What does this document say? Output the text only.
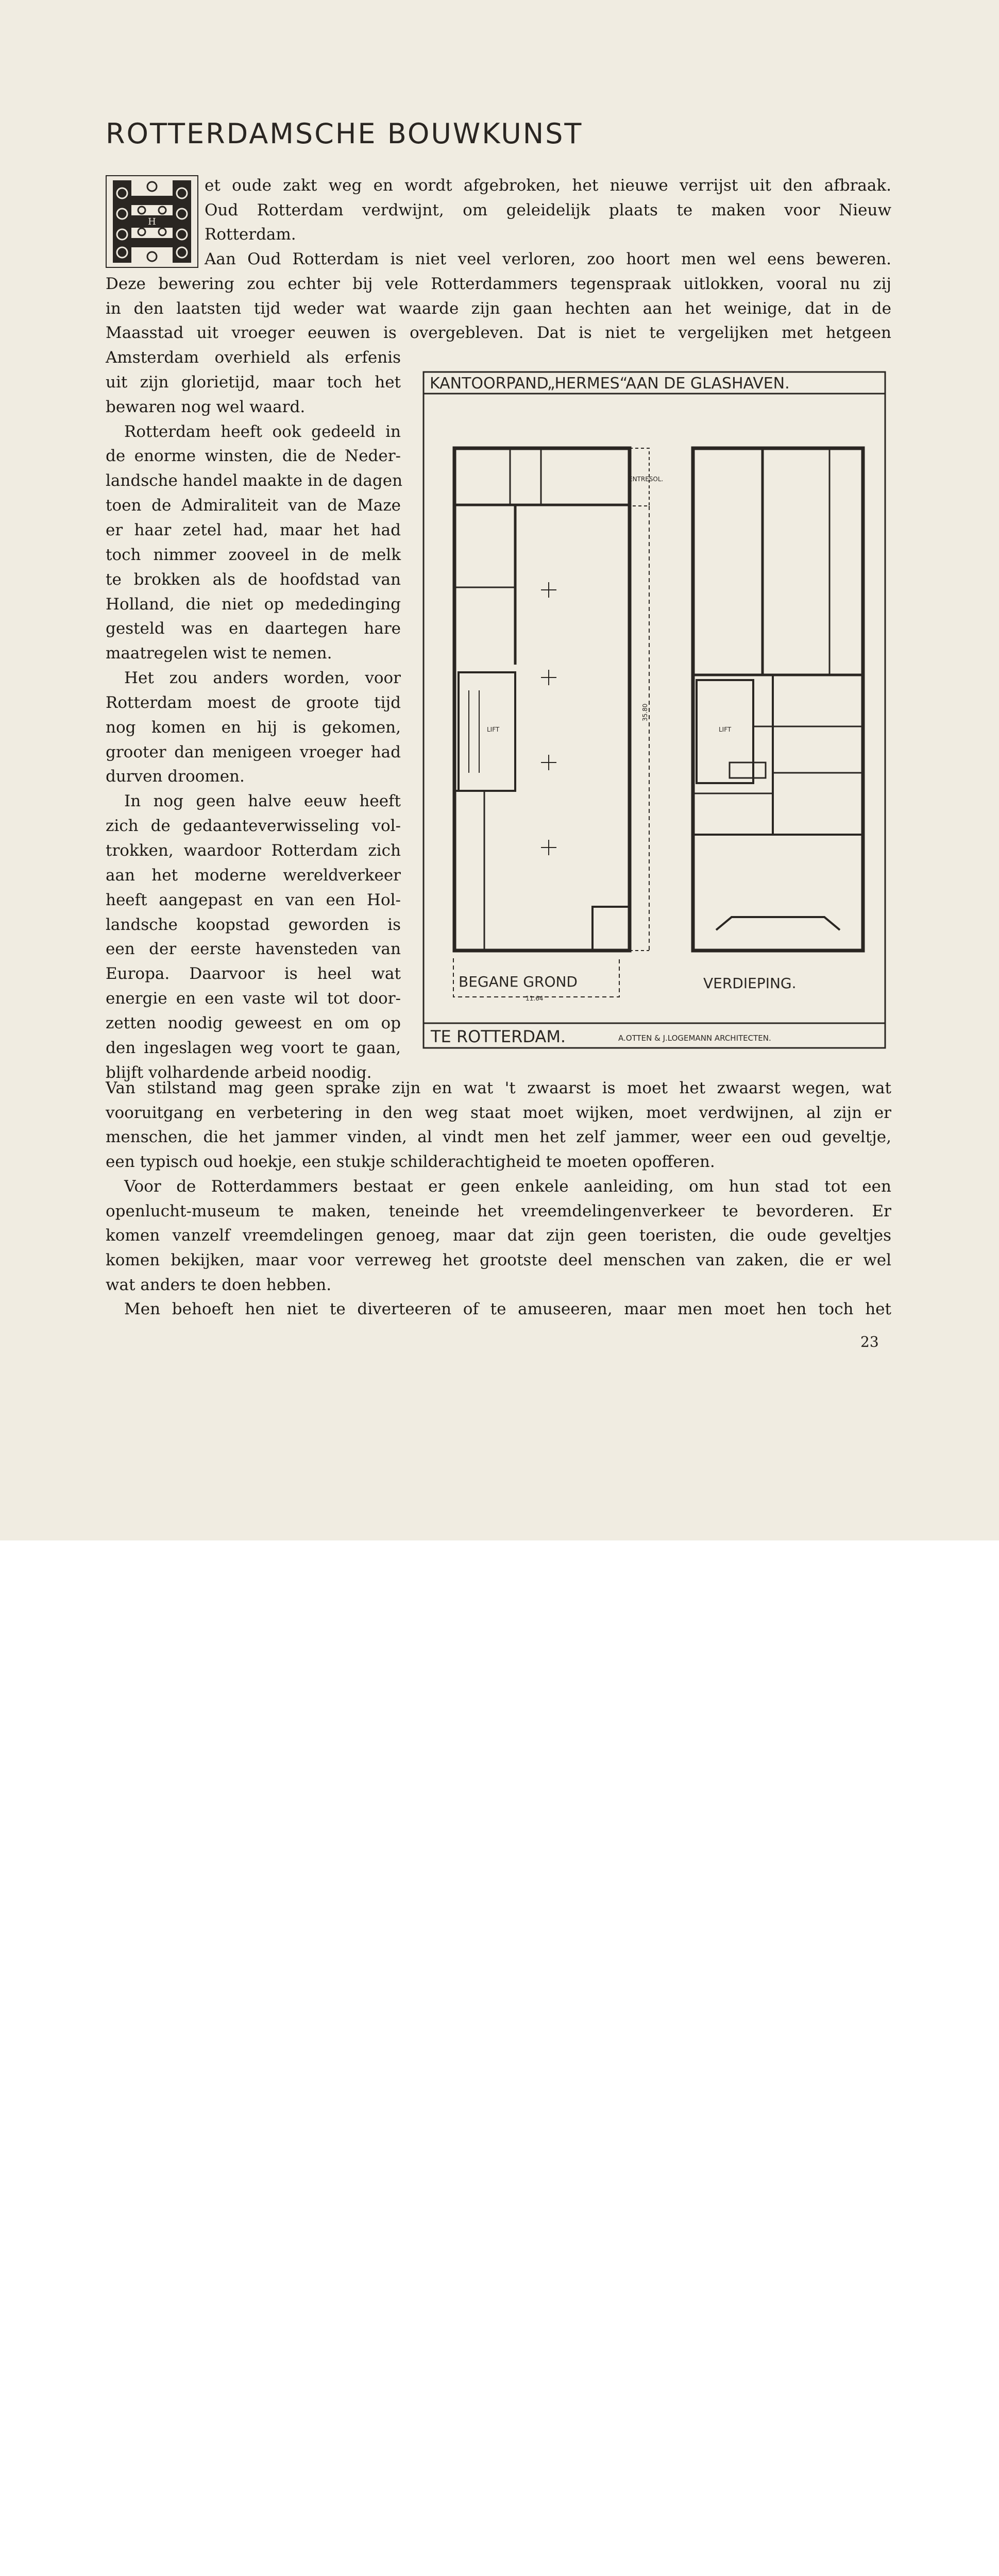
ROTTERDAMSCHE BOUWKUNST
H
et oude zakt weg en wordt afgebroken, het nieuwe verrijst uit den afbraak.
Oud Rotterdam verdwijnt, om geleidelijk plaats te maken voor Nieuw
Rotterdam.
Aan Oud Rotterdam is niet veel verloren, zoo hoort men wel eens beweren.
Deze bewering zou echter bij vele Rotterdammers tegenspraak uitlokken, vooral nu zij
in den laatsten tijd weder wat waarde zijn gaan hechten aan het weinige, dat in de
Maasstad uit vroeger eeuwen is overgebleven. Dat is niet te vergelijken met hetgeen
Amsterdam overhield als erfenis
uit zijn glorietijd, maar toch het
bewaren nog wel waard.
Rotterdam heeft ook gedeeld in
de enorme winsten, die de Neder-
landsche handel maakte in de dagen
toen de Admiraliteit van de Maze
er haar zetel had, maar het had
toch nimmer zooveel in de melk
te brokken als de hoofdstad van
Holland, die niet op mededinging
gesteld was en daartegen hare
maatregelen wist te nemen.
Het zou anders worden, voor
Rotterdam moest de groote tijd
nog komen en hij is gekomen,
grooter dan menigeen vroeger had
durven droomen.
In nog geen halve eeuw heeft
zich de gedaanteverwisseling vol-
trokken, waardoor Rotterdam zich
aan het moderne wereldverkeer
heeft aangepast en van een Hol-
landsche koopstad geworden is
een der eerste havensteden van
Europa. Daarvoor is heel wat
energie en een vaste wil tot door-
zetten noodig geweest en om op
den ingeslagen weg voort te gaan,
blijft volhardende arbeid noodig.
Van stilstand mag geen sprake zijn en wat 't zwaarst is moet het zwaarst wegen, wat
vooruitgang en verbetering in den weg staat moet wijken, moet verdwijnen, al zijn er
menschen, die het jammer vinden, al vindt men het zelf jammer, weer een oud geveltje,
een typisch oud hoekje, een stukje schilderachtigheid te moeten opofferen.
Voor de Rotterdammers bestaat er geen enkele aanleiding, om hun stad tot een
openlucht-museum te maken, teneinde het vreemdelingenverkeer te bevorderen. Er
komen vanzelf vreemdelingen genoeg, maar dat zijn geen toeristen, die oude geveltjes
komen bekijken, maar voor verreweg het grootste deel menschen van zaken, die er wel
wat anders te doen hebben.
Men behoeft hen niet te diverteeren of te amuseeren, maar men moet hen toch het
KANTOORPAND„HERMES“AAN DE GLASHAVEN.
LIFT
ENTRESOL.
35.80
BEGANE GROND
11.64
LIFT
VERDIEPING.
TE ROTTERDAM.	A.OTTEN & J.LOGEMANN ARCHITECTEN.
23
